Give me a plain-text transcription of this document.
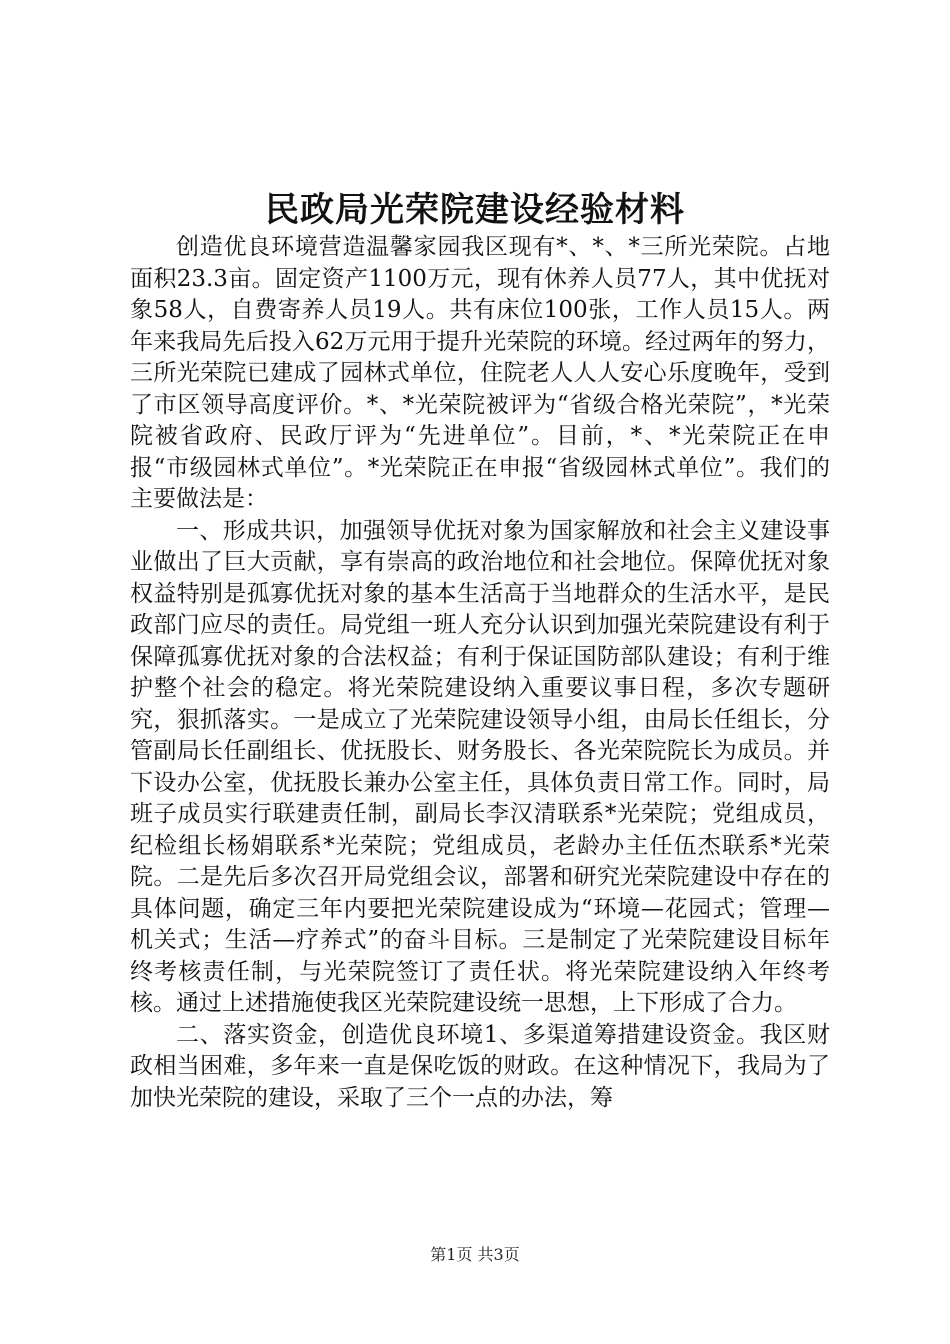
民政局光荣院建设经验材料

创造优良环境营造温馨家园我区现有*、*、*三所光荣院。占地面积23.3亩。固定资产1100万元，现有休养人员77人，其中优抚对象58人，自费寄养人员19人。共有床位100张，工作人员15人。两年来我局先后投入62万元用于提升光荣院的环境。经过两年的努力，三所光荣院已建成了园林式单位，住院老人人人安心乐度晚年，受到了市区领导高度评价。*、*光荣院被评为“省级合格光荣院”，*光荣院被省政府、民政厅评为“先进单位”。目前，*、*光荣院正在申报“市级园林式单位”。*光荣院正在申报“省级园林式单位”。我们的主要做法是：

一、形成共识，加强领导优抚对象为国家解放和社会主义建设事业做出了巨大贡献，享有崇高的政治地位和社会地位。保障优抚对象权益特别是孤寡优抚对象的基本生活高于当地群众的生活水平，是民政部门应尽的责任。局党组一班人充分认识到加强光荣院建设有利于保障孤寡优抚对象的合法权益；有利于保证国防部队建设；有利于维护整个社会的稳定。将光荣院建设纳入重要议事日程，多次专题研究，狠抓落实。一是成立了光荣院建设领导小组，由局长任组长，分管副局长任副组长、优抚股长、财务股长、各光荣院院长为成员。并下设办公室，优抚股长兼办公室主任，具体负责日常工作。同时，局班子成员实行联建责任制，副局长李汉清联系*光荣院；党组成员，纪检组长杨娟联系*光荣院；党组成员，老龄办主任伍杰联系*光荣院。二是先后多次召开局党组会议，部署和研究光荣院建设中存在的具体问题，确定三年内要把光荣院建设成为“环境—花园式；管理—机关式；生活—疗养式”的奋斗目标。三是制定了光荣院建设目标年终考核责任制，与光荣院签订了责任状。将光荣院建设纳入年终考核。通过上述措施使我区光荣院建设统一思想，上下形成了合力。

二、落实资金，创造优良环境1、多渠道筹措建设资金。我区财政相当困难，多年来一直是保吃饭的财政。在这种情况下，我局为了加快光荣院的建设，采取了三个一点的办法，筹

第1页 共3页
